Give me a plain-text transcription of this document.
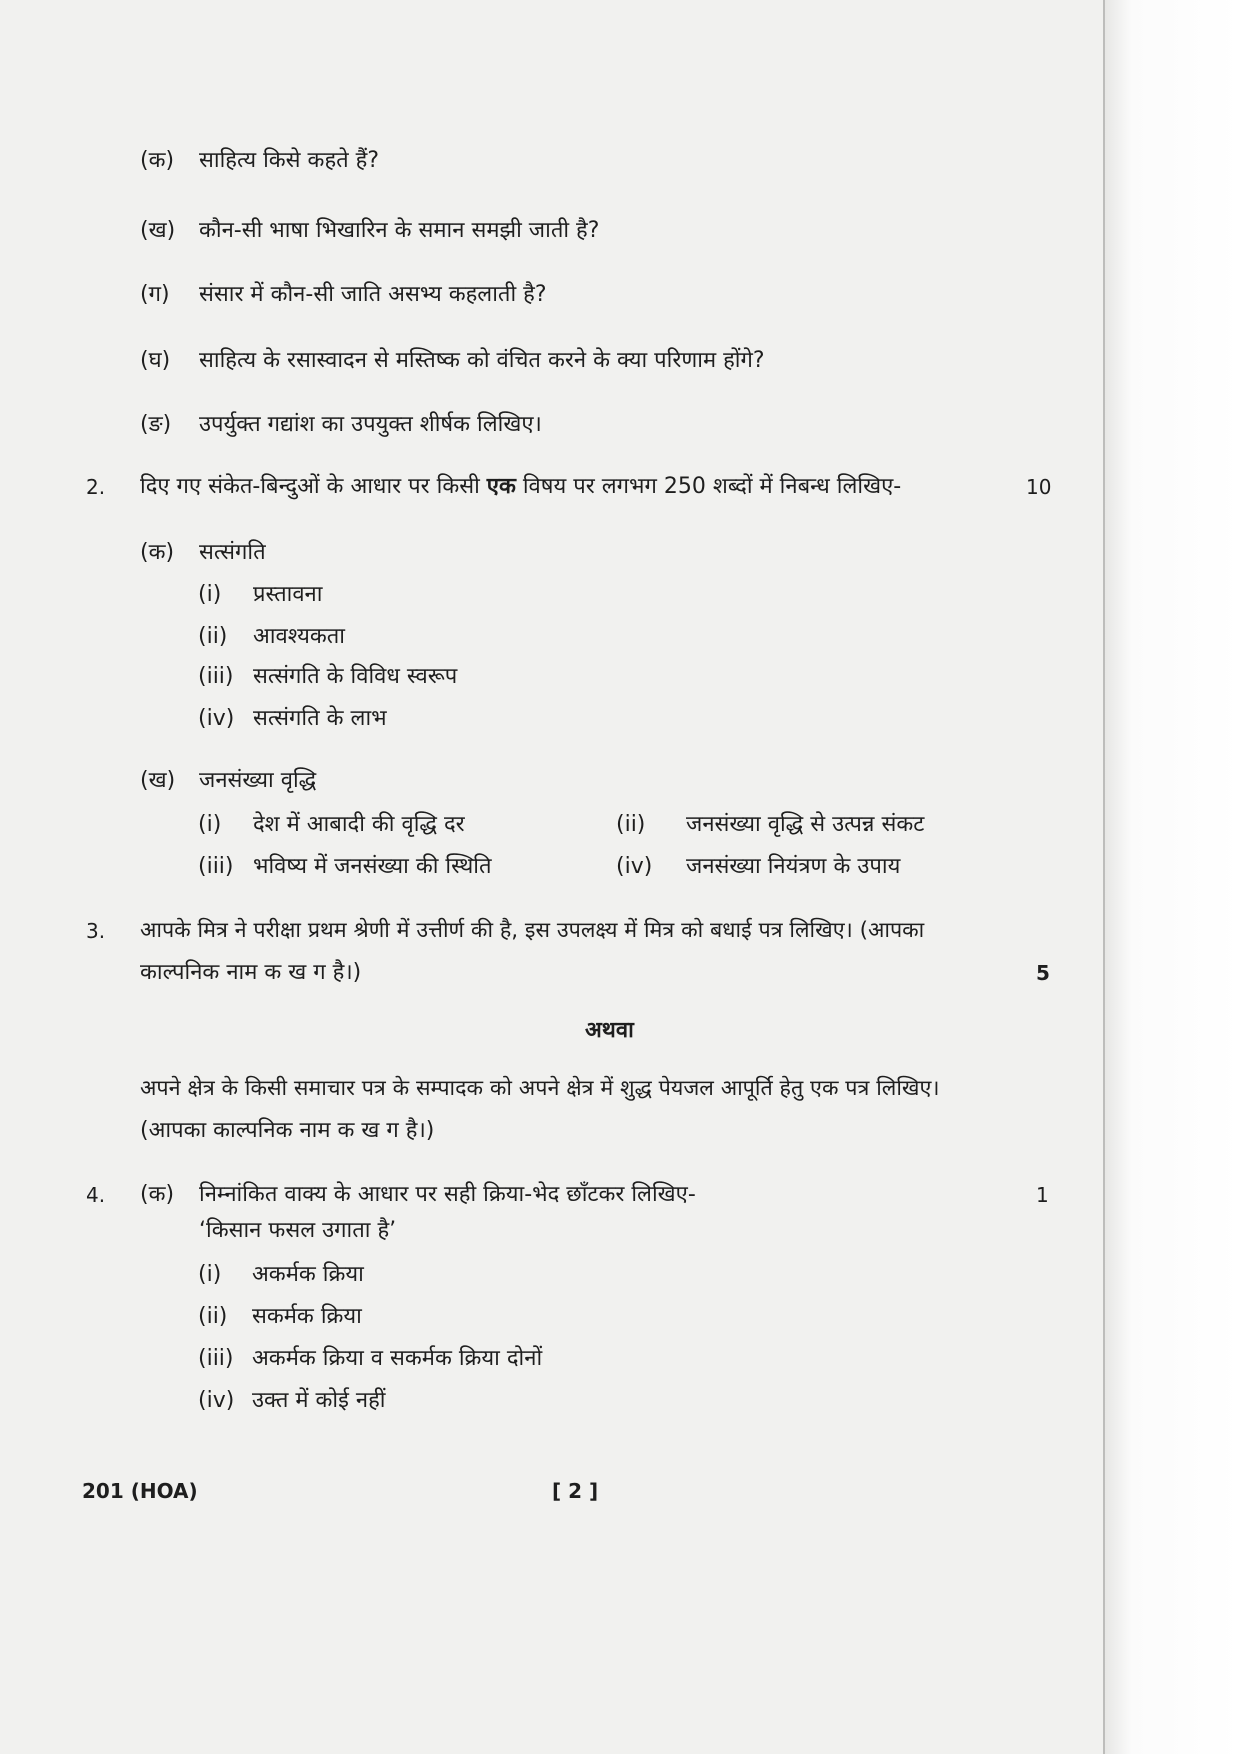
(क) साहित्य किसे कहते हैं?
(ख) कौन-सी भाषा भिखारिन के समान समझी जाती है?
(ग) संसार में कौन-सी जाति असभ्य कहलाती है?
(घ) साहित्य के रसास्वादन से मस्तिष्क को वंचित करने के क्या परिणाम होंगे?
(ङ) उपर्युक्त गद्यांश का उपयुक्त शीर्षक लिखिए।
2. दिए गए संकेत-बिन्दुओं के आधार पर किसी एक विषय पर लगभग 250 शब्दों में निबन्ध लिखिए-	10
(क) सत्संगति
(i) प्रस्तावना
(ii) आवश्यकता
(iii) सत्संगति के विविध स्वरूप
(iv) सत्संगति के लाभ
(ख) जनसंख्या वृद्धि
(i) देश में आबादी की वृद्धि दर	(ii) जनसंख्या वृद्धि से उत्पन्न संकट
(iii) भविष्य में जनसंख्या की स्थिति	(iv) जनसंख्या नियंत्रण के उपाय
3. आपके मित्र ने परीक्षा प्रथम श्रेणी में उत्तीर्ण की है, इस उपलक्ष्य में मित्र को बधाई पत्र लिखिए। (आपका
काल्पनिक नाम क ख ग है।)	5
अथवा
अपने क्षेत्र के किसी समाचार पत्र के सम्पादक को अपने क्षेत्र में शुद्ध पेयजल आपूर्ति हेतु एक पत्र लिखिए।
(आपका काल्पनिक नाम क ख ग है।)
4. (क) निम्नांकित वाक्य के आधार पर सही क्रिया-भेद छाँटकर लिखिए-	1
‘किसान फसल उगाता है’
(i) अकर्मक क्रिया
(ii) सकर्मक क्रिया
(iii) अकर्मक क्रिया व सकर्मक क्रिया दोनों
(iv) उक्त में कोई नहीं
201 (HOA)	[ 2 ]
